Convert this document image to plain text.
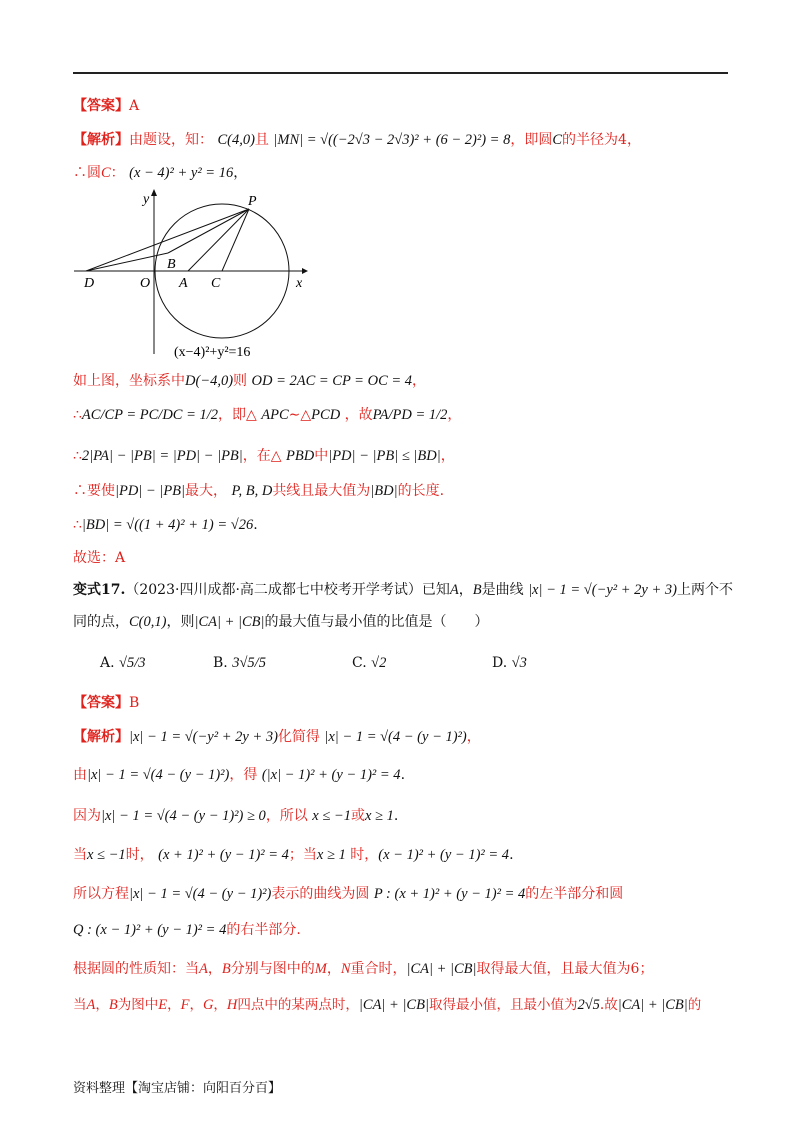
【答案】A
【解析】由题设，知： C(4,0)且 |MN| = √((−2√3 − 2√3)² + (6 − 2)²) = 8，即圆C的半径为4，
∴圆C： (x − 4)² + y² = 16，
y
x
P
B
D	O A C
(x−4)²+y²=16
如上图，坐标系中D(−4,0)则 OD = 2AC = CP = OC = 4，
∴AC/CP = PC/DC = 1/2，即△ APC∼△PCD ，故PA/PD = 1/2，
∴2|PA| − |PB| = |PD| − |PB|，在△ PBD中|PD| − |PB| ≤ |BD|，
∴要使|PD| − |PB|最大， P, B, D共线且最大值为|BD|的长度.
∴|BD| = √((1 + 4)² + 1) = √26.
故选：A
变式17.（2023·四川成都·高二成都七中校考开学考试）已知A，B是曲线 |x| − 1 = √(−y² + 2y + 3)上两个不
同的点，C(0,1)，则|CA| + |CB|的最大值与最小值的比值是（　　）
A. √5/3	B. 3√5/5	C. √2	D. √3
【答案】B
【解析】|x| − 1 = √(−y² + 2y + 3)化简得 |x| − 1 = √(4 − (y − 1)²)，
由|x| − 1 = √(4 − (y − 1)²)，得 (|x| − 1)² + (y − 1)² = 4.
因为|x| − 1 = √(4 − (y − 1)²) ≥ 0，所以 x ≤ −1或x ≥ 1.
当x ≤ −1时， (x + 1)² + (y − 1)² = 4；当x ≥ 1 时，(x − 1)² + (y − 1)² = 4.
所以方程|x| − 1 = √(4 − (y − 1)²)表示的曲线为圆 P : (x + 1)² + (y − 1)² = 4的左半部分和圆
Q : (x − 1)² + (y − 1)² = 4的右半部分.
根据圆的性质知：当A，B分别与图中的M，N重合时，|CA| + |CB|取得最大值，且最大值为6；
当A，B为图中E，F，G，H四点中的某两点时，|CA| + |CB|取得最小值，且最小值为2√5.故|CA| + |CB|的
资料整理【淘宝店铺：向阳百分百】
